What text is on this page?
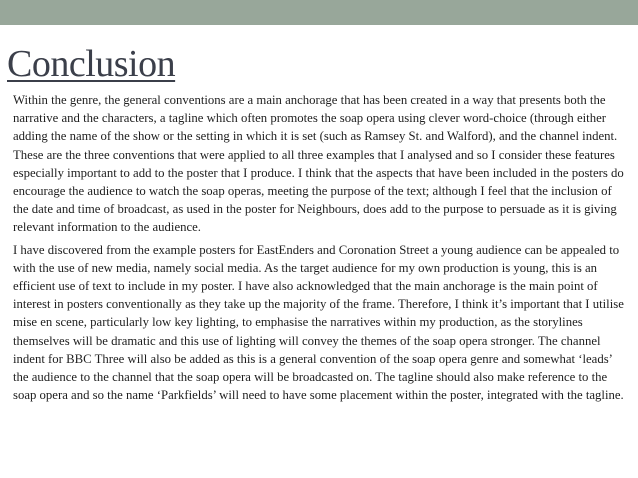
Conclusion

Within the genre, the general conventions are a main anchorage that has been created in a way that presents both the narrative and the characters, a tagline which often promotes the soap opera using clever word-choice (through either adding the name of the show or the setting in which it is set (such as Ramsey St. and Walford), and the channel indent. These are the three conventions that were applied to all three examples that I analysed and so I consider these features especially important to add to the poster that I produce. I think that the aspects that have been included in the posters do encourage the audience to watch the soap operas, meeting the purpose of the text; although I feel that the inclusion of the date and time of broadcast, as used in the poster for Neighbours, does add to the purpose to persuade as it is giving relevant information to the audience.

I have discovered from the example posters for EastEnders and Coronation Street a young audience can be appealed to with the use of new media, namely social media. As the target audience for my own production is young, this is an efficient use of text to include in my poster. I have also acknowledged that the main anchorage is the main point of interest in posters conventionally as they take up the majority of the frame. Therefore, I think it’s important that I utilise mise en scene, particularly low key lighting, to emphasise the narratives within my production, as the storylines themselves will be dramatic and this use of lighting will convey the themes of the soap opera stronger. The channel indent for BBC Three will also be added as this is a general convention of the soap opera genre and somewhat ‘leads’ the audience to the channel that the soap opera will be broadcasted on. The tagline should also make reference to the soap opera and so the name ‘Parkfields’ will need to have some placement within the poster, integrated with the tagline.
